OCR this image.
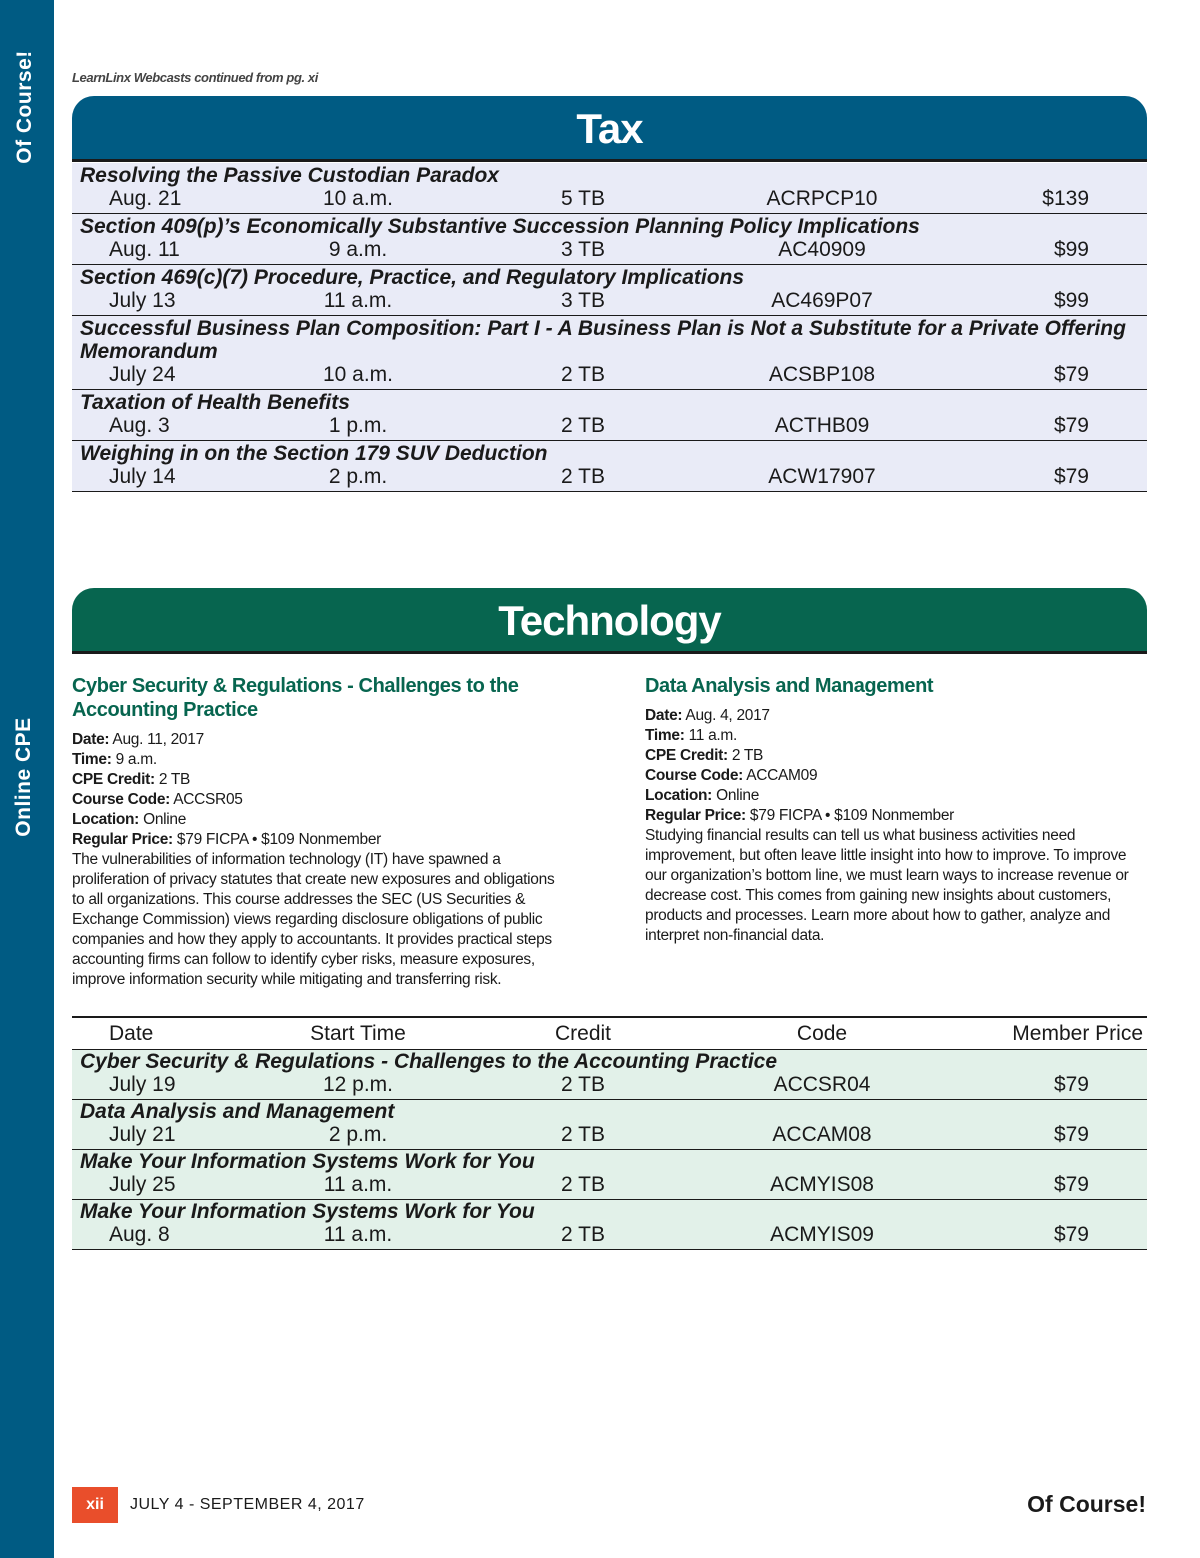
Of Course!
Online CPE
LearnLinx Webcasts continued from pg. xi
Tax
Resolving the Passive Custodian Paradox
Aug. 21	10 a.m.	5 TB	ACRPCP10	$139
Section 409(p)’s Economically Substantive Succession Planning Policy Implications
Aug. 11	9 a.m.	3 TB	AC40909	$99
Section 469(c)(7) Procedure, Practice, and Regulatory Implications
July 13	11 a.m.	3 TB	AC469P07	$99
Successful Business Plan Composition: Part I - A Business Plan is Not a Substitute for a Private Offering Memorandum
July 24	10 a.m.	2 TB	ACSBP108	$79
Taxation of Health Benefits
Aug. 3	1 p.m.	2 TB	ACTHB09	$79
Weighing in on the Section 179 SUV Deduction
July 14	2 p.m.	2 TB	ACW17907	$79
Technology
Cyber Security & Regulations - Challenges to the Accounting Practice
Date: Aug. 11, 2017
Time: 9 a.m.
CPE Credit: 2 TB
Course Code: ACCSR05
Location: Online
Regular Price: $79 FICPA • $109 Nonmember
The vulnerabilities of information technology (IT) have spawned a proliferation of privacy statutes that create new exposures and obligations to all organizations. This course addresses the SEC (US Securities & Exchange Commission) views regarding disclosure obligations of public companies and how they apply to accountants. It provides practical steps accounting firms can follow to identify cyber risks, measure exposures, improve information security while mitigating and transferring risk.
Data Analysis and Management
Date: Aug. 4, 2017
Time: 11 a.m.
CPE Credit: 2 TB
Course Code: ACCAM09
Location: Online
Regular Price: $79 FICPA • $109 Nonmember
Studying financial results can tell us what business activities need improvement, but often leave little insight into how to improve. To improve our organization’s bottom line, we must learn ways to increase revenue or decrease cost. This comes from gaining new insights about customers, products and processes. Learn more about how to gather, analyze and interpret non-financial data.
Date	Start Time	Credit	Code	Member Price
Cyber Security & Regulations - Challenges to the Accounting Practice
July 19	12 p.m.	2 TB	ACCSR04	$79
Data Analysis and Management
July 21	2 p.m.	2 TB	ACCAM08	$79
Make Your Information Systems Work for You
July 25	11 a.m.	2 TB	ACMYIS08	$79
Make Your Information Systems Work for You
Aug. 8	11 a.m.	2 TB	ACMYIS09	$79
xii	JULY 4 - SEPTEMBER 4, 2017	Of Course!
